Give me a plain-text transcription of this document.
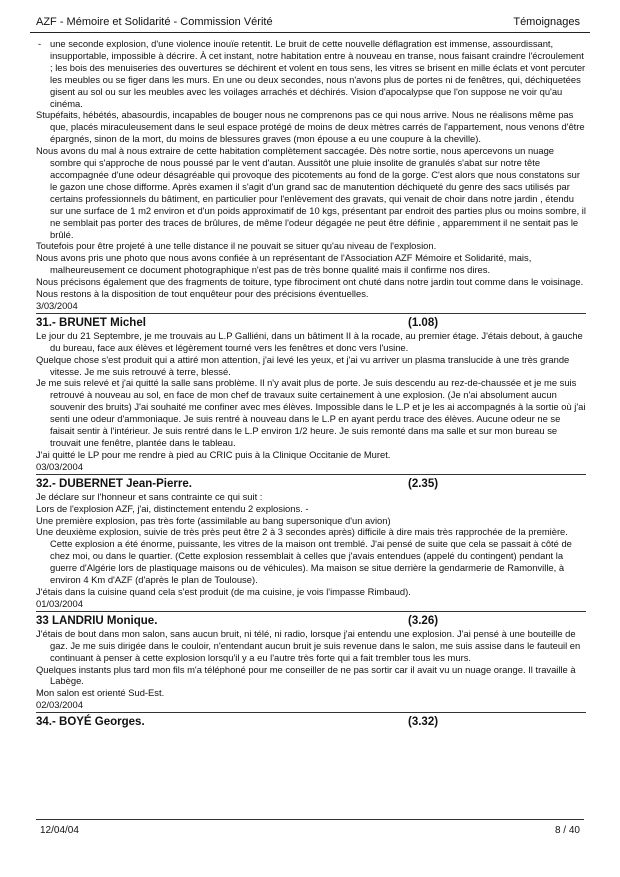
AZF - Mémoire et Solidarité - Commission Vérité	Témoignages

- une seconde explosion, d'une violence inouïe retentit. Le bruit de cette nouvelle déflagration est immense, assourdissant, insupportable, impossible à décrire. À cet instant, notre habitation entre à nouveau en transe, nous faisant craindre l'écroulement ; les bois des menuiseries des ouvertures se déchirent et volent en tous sens, les vitres se brisent en mille éclats et vont percuter les meubles ou se figer dans les murs. En une ou deux secondes, nous n'avons plus de portes ni de fenêtres, qui, déchiquetées gisent au sol ou sur les meubles avec les voilages arrachés et déchirés. Vision d'apocalypse que l'on suppose ne voir qu'au cinéma.

Stupéfaits, hébétés, abasourdis, incapables de bouger nous ne comprenons pas ce qui nous arrive. Nous ne réalisons même pas que, placés miraculeusement dans le seul espace protégé de moins de deux mètres carrés de l'appartement, nous venons d'être épargnés, sinon de la mort, du moins de blessures graves (mon épouse a eu une coupure à la cheville).

Nous avons du mal à nous extraire de cette habitation complètement saccagée. Dès notre sortie, nous apercevons un nuage sombre qui s'approche de nous poussé par le vent d'autan. Aussitôt une pluie insolite de granulés s'abat sur notre tête accompagnée d'une odeur désagréable qui provoque des picotements au fond de la gorge. C'est alors que nous constatons sur le gazon une chose difforme. Après examen il s'agit d'un grand sac de manutention déchiqueté du genre des sacs utilisés par certains professionnels du bâtiment, en particulier pour l'enlèvement des gravats, qui venait de choir dans notre jardin , étendu sur une surface de 1 m2 environ et d'un poids approximatif de 10 kgs, présentant par endroit des parties plus ou moins sombre, il ne semblait pas porter des traces de brûlures, de même l'odeur dégagée ne peut être définie , apparemment il ne sentait pas le brûlé.

Toutefois pour être projeté à une telle distance il ne pouvait se situer qu'au niveau de l'explosion.

Nous avons pris une photo que nous avons confiée à un représentant de l'Association AZF Mémoire et Solidarité, mais, malheureusement ce document photographique n'est pas de très bonne qualité mais il confirme nos dires.

Nous précisons également que des fragments de toiture, type fibrociment ont chuté dans notre jardin tout comme dans le voisinage.

Nous restons à la disposition de tout enquêteur pour des précisions éventuelles.

3/03/2004

31.- BRUNET Michel	(1.08)

Le jour du 21 Septembre, je me trouvais au L.P Galliéni, dans un bâtiment II à la rocade, au premier étage. J'étais debout, à gauche du bureau, face aux élèves et légèrement tourné vers les fenêtres et donc vers l'usine.

Quelque chose s'est produit qui a attiré mon attention, j'ai levé les yeux, et j'ai vu arriver un plasma translucide à une très grande vitesse. Je me suis retrouvé à terre, blessé.

Je me suis relevé et j'ai quitté la salle sans problème. Il n'y avait plus de porte. Je suis descendu au rez-de-chaussée et je me suis retrouvé à nouveau au sol, en face de mon chef de travaux suite certainement à une explosion. (Je n'ai absolument aucun souvenir des bruits) J'ai souhaité me confiner avec mes élèves. Impossible dans le L.P et je les ai accompagnés à la sortie où j'ai senti une odeur d'ammoniaque. Je suis rentré à nouveau dans le L.P en ayant perdu trace des élèves. Aucune odeur ne se faisait sentir à l'intérieur. Je suis rentré dans le L.P environ 1/2 heure. Je suis remonté dans ma salle et sur mon bureau se trouvait une fenêtre, plantée dans le tableau.

J'ai quitté le LP pour me rendre à pied au CRIC puis à la Clinique Occitanie de Muret.

03/03/2004

32.- DUBERNET Jean-Pierre.	(2.35)

Je déclare sur l'honneur et sans contrainte ce qui suit :

Lors de l'explosion AZF, j'ai, distinctement entendu 2 explosions. -

Une première explosion, pas très forte (assimilable au bang supersonique d'un avion)

Une deuxième explosion, suivie de très près peut être 2 à 3 secondes après) difficile à dire mais très rapprochée de la première. Cette explosion a été énorme, puissante, les vitres de la maison ont tremblé. J'ai pensé de suite que cela se passait à côté de chez moi, ou dans le quartier. (Cette explosion ressemblait à celles que j'avais entendues (appelé du contingent) pendant la guerre d'Algérie lors de plastiquage maisons ou de véhicules). Ma maison se situe derrière la gendarmerie de Ramonville, à environ 4 Km d'AZF (d'après le plan de Toulouse).

J'étais dans la cuisine quand cela s'est produit (de ma cuisine, je vois l'impasse Rimbaud).

01/03/2004

33 LANDRIU Monique.	(3.26)

J'étais de bout dans mon salon, sans aucun bruit, ni télé, ni radio, lorsque j'ai entendu une explosion. J'ai pensé à une bouteille de gaz. Je me suis dirigée dans le couloir, n'entendant aucun bruit je suis revenue dans le salon, me suis assise dans le fauteuil en continuant à penser à cette explosion lorsqu'il y a eu l'autre très forte qui a fait trembler tous les murs.

Quelques instants plus tard mon fils m'a téléphoné pour me conseiller de ne pas sortir car il avait vu un nuage orange. Il travaille à Labège.

Mon salon est orienté Sud-Est.

02/03/2004

34.- BOYÉ Georges.	(3.32)
12/04/04	8 / 40
